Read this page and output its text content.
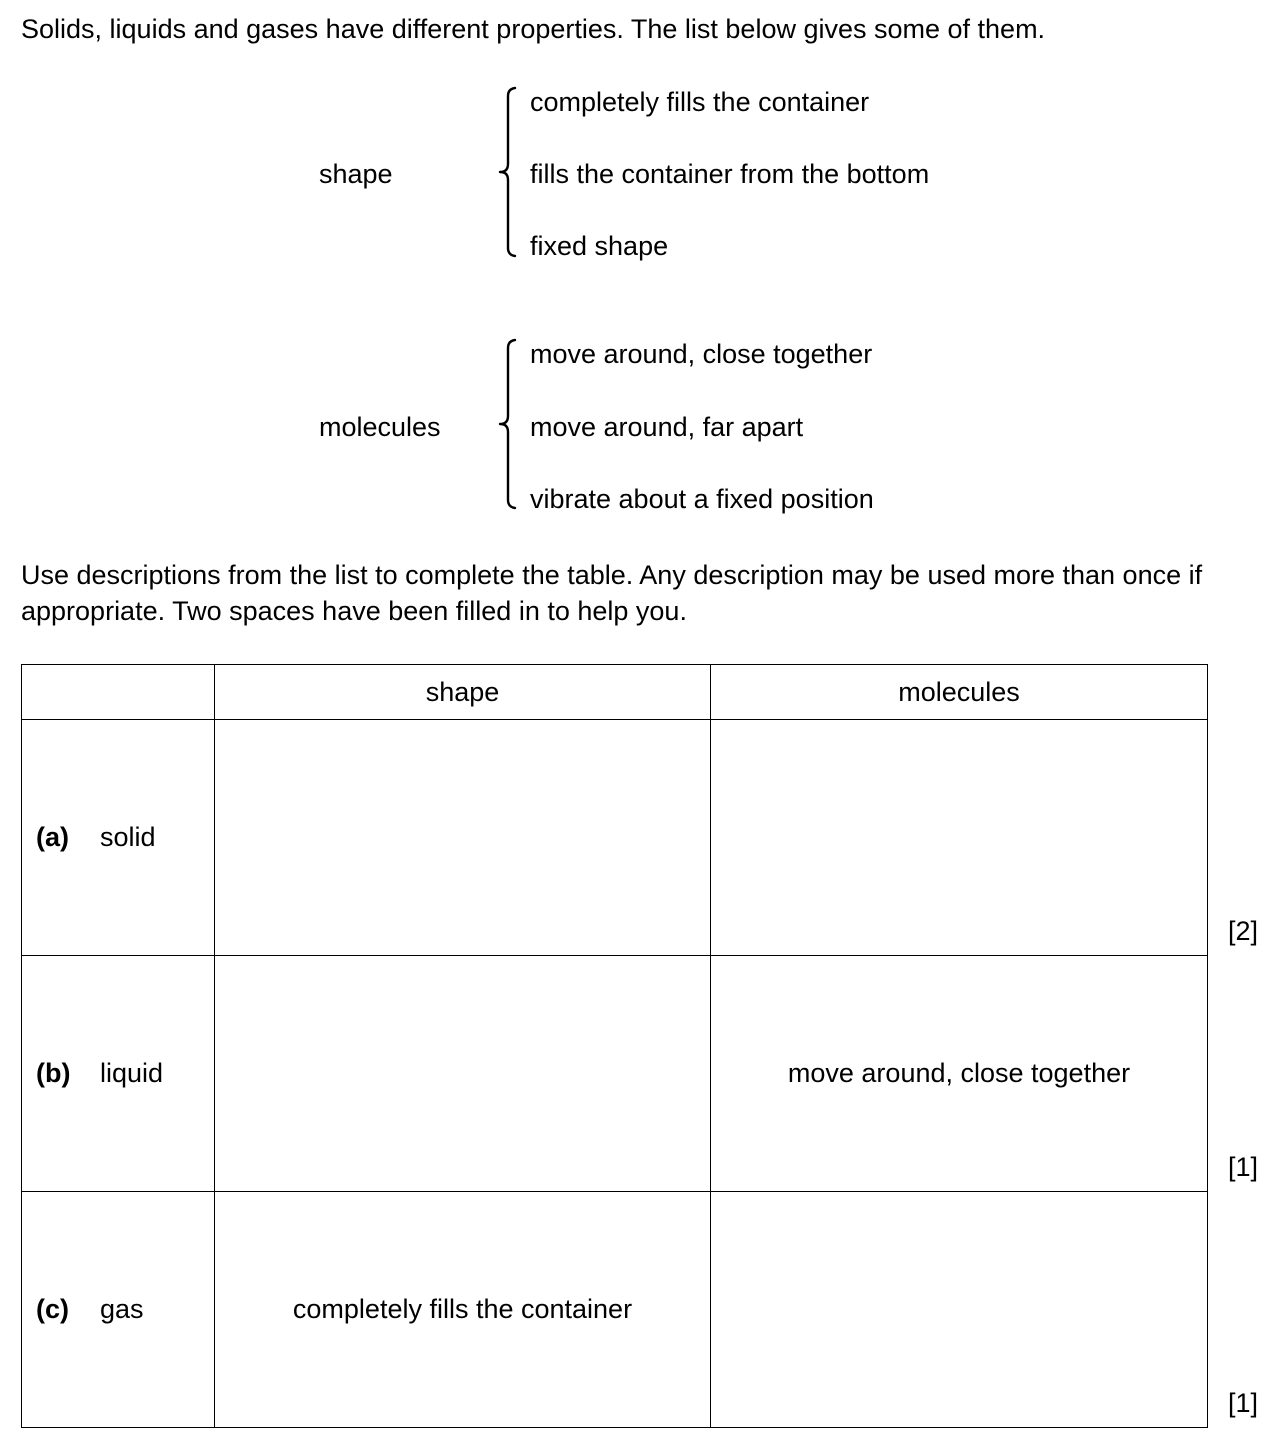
Solids, liquids and gases have different properties. The list below gives some of them.
shape
completely fills the container
fills the container from the bottom
fixed shape
molecules
move around, close together
move around, far apart
vibrate about a fixed position
Use descriptions from the list to complete the table. Any description may be used more than once if appropriate. Two spaces have been filled in to help you.
	shape	molecules
(a) solid		
(b) liquid		move around, close together
(c) gas	completely fills the container	
[2]
[1]
[1]
